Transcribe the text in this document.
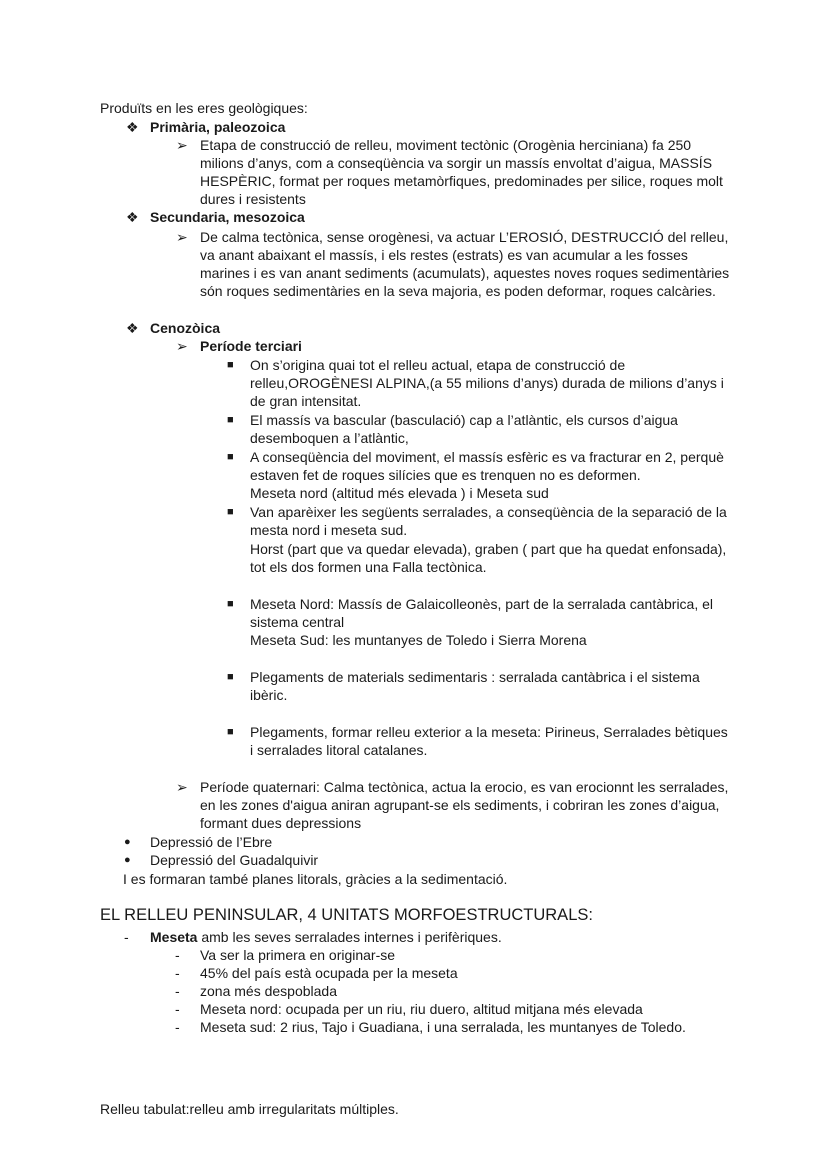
Produïts en les eres geològiques:
❖ Primària, paleozoica
➢ Etapa de construcció de relleu, moviment tectònic (Orogènia herciniana) fa 250
milions d’anys, com a conseqüència va sorgir un massís envoltat d’aigua, MASSÍS
HESPÈRIC, format per roques metamòrfiques, predominades per silice, roques molt
dures i resistents
❖ Secundaria, mesozoica
➢ De calma tectònica, sense orogènesi, va actuar L’EROSIÓ, DESTRUCCIÓ del relleu,
va anant abaixant el massís, i els restes (estrats) es van acumular a les fosses
marines i es van anant sediments (acumulats), aquestes noves roques sedimentàries
són roques sedimentàries en la seva majoria, es poden deformar, roques calcàries.
❖ Cenozòica
➢ Període terciari
■ On s’origina quai tot el relleu actual, etapa de construcció de
relleu,OROGÈNESI ALPINA,(a 55 milions d’anys) durada de milions d’anys i
de gran intensitat.
■ El massís va bascular (basculació) cap a l’atlàntic, els cursos d’aigua
desemboquen a l’atlàntic,
■ A conseqüència del moviment, el massís esfèric es va fracturar en 2, perquè
estaven fet de roques silícies que es trenquen no es deformen.
Meseta nord (altitud més elevada ) i Meseta sud
■ Van aparèixer les següents serralades, a conseqüència de la separació de la
mesta nord i meseta sud.
Horst (part que va quedar elevada), graben ( part que ha quedat enfonsada),
tot els dos formen una Falla tectònica.
■ Meseta Nord: Massís de Galaicolleonès, part de la serralada cantàbrica, el
sistema central
Meseta Sud: les muntanyes de Toledo i Sierra Morena
■ Plegaments de materials sedimentaris : serralada cantàbrica i el sistema
ibèric.
■ Plegaments, formar relleu exterior a la meseta: Pirineus, Serralades bètiques
i serralades litoral catalanes.
➢ Període quaternari: Calma tectònica, actua la erocio, es van erocionnt les serralades,
en les zones d'aigua aniran agrupant-se els sediments, i cobriran les zones d’aigua,
formant dues depressions
● Depressió de l’Ebre
● Depressió del Guadalquivir
I es formaran també planes litorals, gràcies a la sedimentació.
EL RELLEU PENINSULAR, 4 UNITATS MORFOESTRUCTURALS:
- Meseta amb les seves serralades internes i perifèriques.
- Va ser la primera en originar-se
- 45% del país està ocupada per la meseta
- zona més despoblada
- Meseta nord: ocupada per un riu, riu duero, altitud mitjana més elevada
- Meseta sud: 2 rius, Tajo i Guadiana, i una serralada, les muntanyes de Toledo.
Relleu tabulat:relleu amb irregularitats múltiples.
